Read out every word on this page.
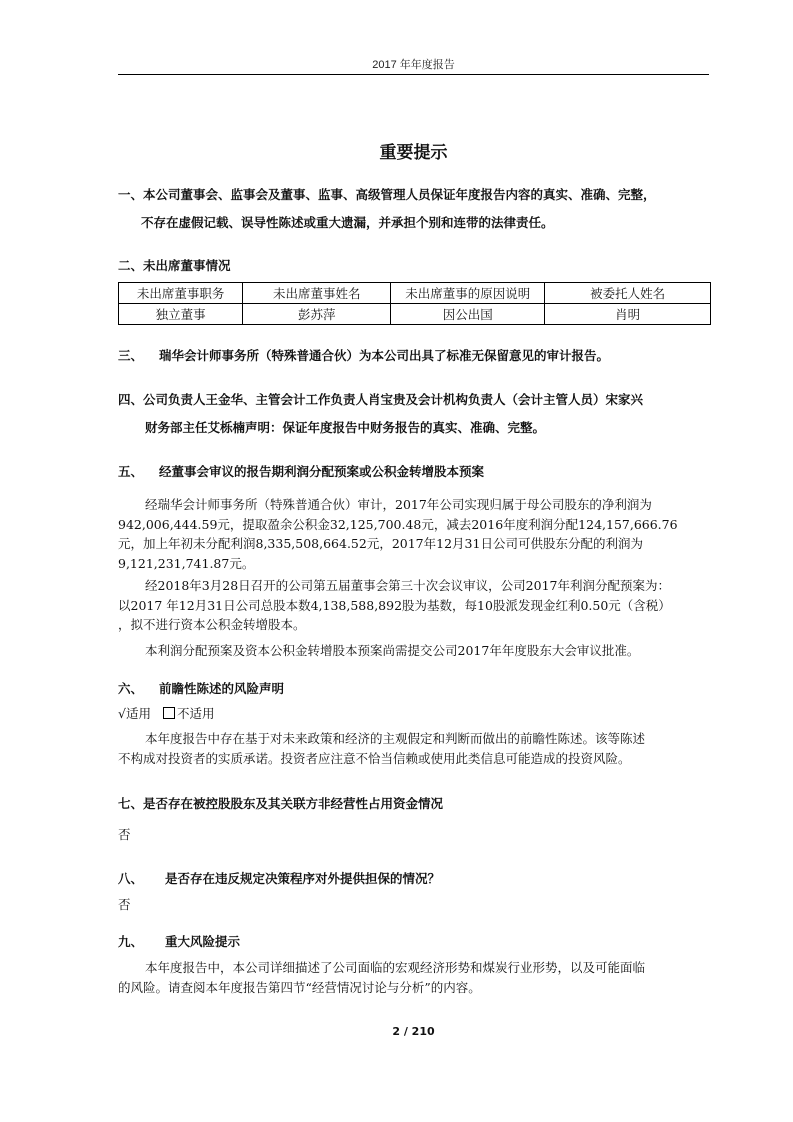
2017 年年度报告
重要提示
一、本公司董事会、监事会及董事、监事、高级管理人员保证年度报告内容的真实、准确、完整，
不存在虚假记载、误导性陈述或重大遗漏，并承担个别和连带的法律责任。
二、未出席董事情况
未出席董事职务	未出席董事姓名	未出席董事的原因说明	被委托人姓名
独立董事	彭苏萍	因公出国	肖明
三、 瑞华会计师事务所（特殊普通合伙）为本公司出具了标准无保留意见的审计报告。
四、公司负责人王金华、主管会计工作负责人肖宝贵及会计机构负责人（会计主管人员）宋家兴
财务部主任艾栎楠声明：保证年度报告中财务报告的真实、准确、完整。
五、 经董事会审议的报告期利润分配预案或公积金转增股本预案
经瑞华会计师事务所（特殊普通合伙）审计，2017年公司实现归属于母公司股东的净利润为
942,006,444.59元，提取盈余公积金32,125,700.48元，减去2016年度利润分配124,157,666.76
元，加上年初未分配利润8,335,508,664.52元，2017年12月31日公司可供股东分配的利润为
9,121,231,741.87元。
经2018年3月28日召开的公司第五届董事会第三十次会议审议，公司2017年利润分配预案为：
以2017 年12月31日公司总股本数4,138,588,892股为基数，每10股派发现金红利0.50元（含税）
，拟不进行资本公积金转增股本。
本利润分配预案及资本公积金转增股本预案尚需提交公司2017年年度股东大会审议批准。
六、 前瞻性陈述的风险声明
√适用 不适用
本年度报告中存在基于对未来政策和经济的主观假定和判断而做出的前瞻性陈述。该等陈述
不构成对投资者的实质承诺。投资者应注意不恰当信赖或使用此类信息可能造成的投资风险。
七、是否存在被控股股东及其关联方非经营性占用资金情况
否
八、 是否存在违反规定决策程序对外提供担保的情况？
否
九、 重大风险提示
本年度报告中，本公司详细描述了公司面临的宏观经济形势和煤炭行业形势，以及可能面临
的风险。请查阅本年度报告第四节“经营情况讨论与分析”的内容。
2 / 210
